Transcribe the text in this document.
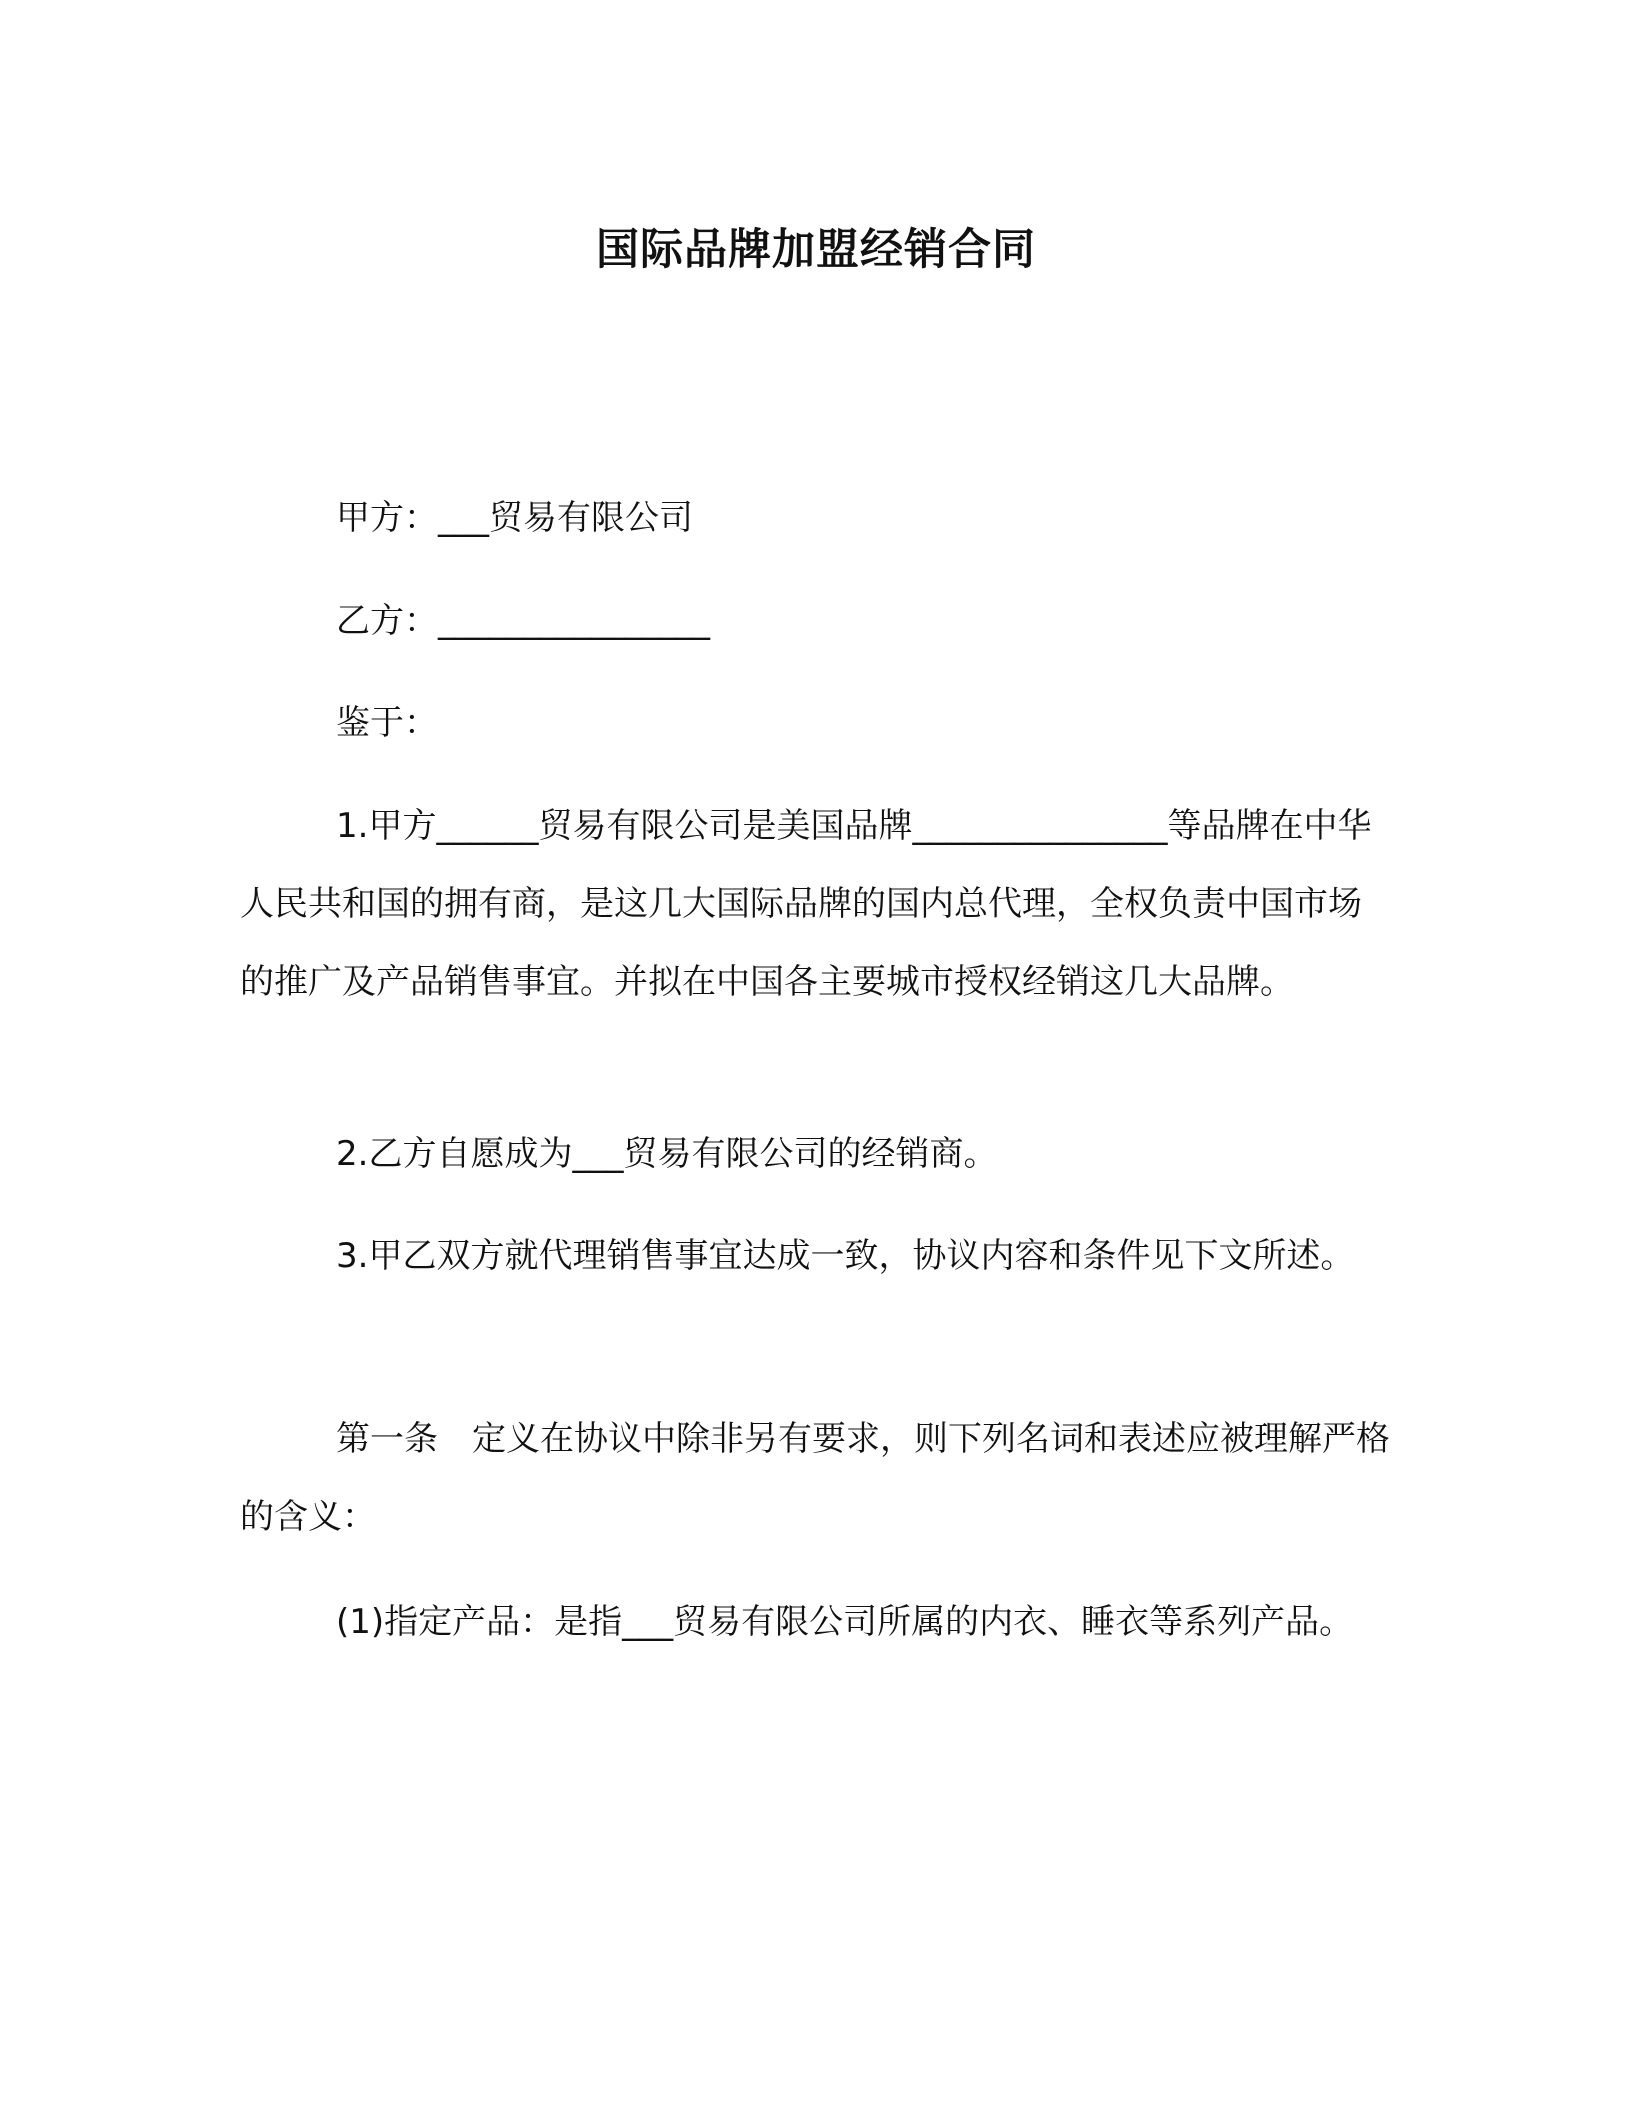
国际品牌加盟经销合同

甲方：___贸易有限公司

乙方：________________

鉴于：

1.甲方______贸易有限公司是美国品牌_______________等品牌在中华人民共和国的拥有商，是这几大国际品牌的国内总代理，全权负责中国市场的推广及产品销售事宜。并拟在中国各主要城市授权经销这几大品牌。

2.乙方自愿成为___贸易有限公司的经销商。

3.甲乙双方就代理销售事宜达成一致，协议内容和条件见下文所述。

第一条　定义在协议中除非另有要求，则下列名词和表述应被理解严格的含义：

(1)指定产品：是指___贸易有限公司所属的内衣、睡衣等系列产品。
